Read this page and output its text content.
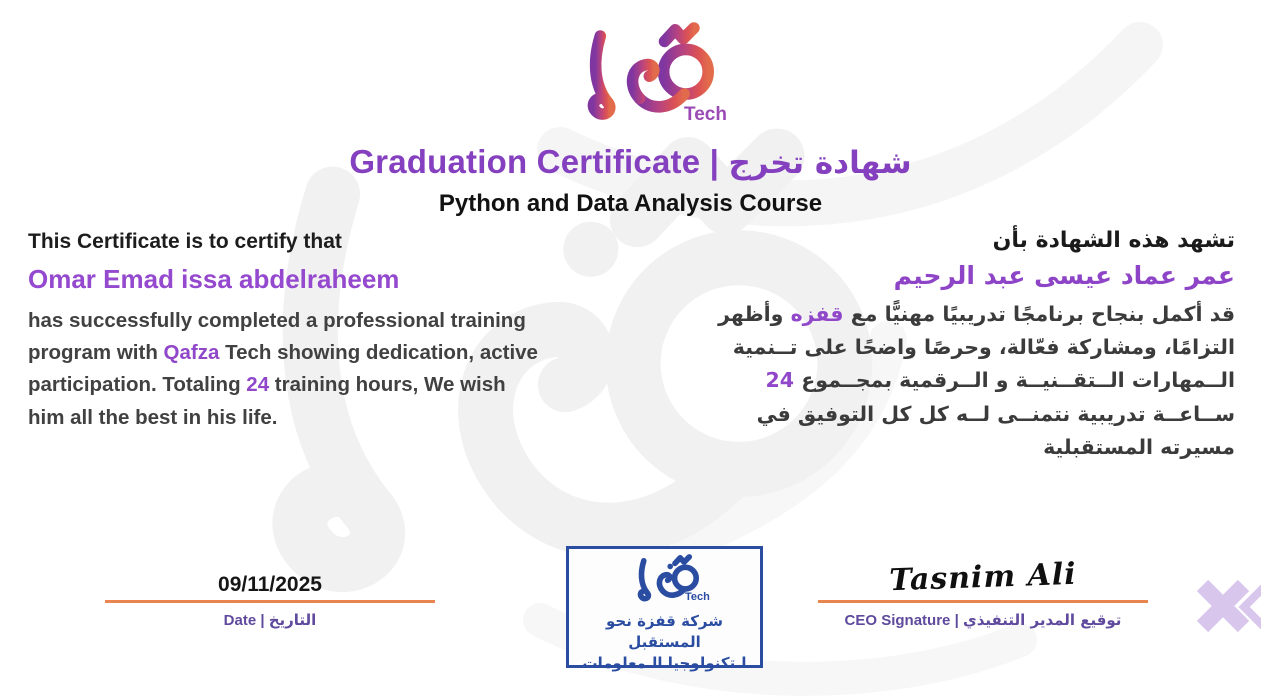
Tech
Graduation Certificate | شهادة تخرج
Python and Data Analysis Course
This Certificate is to certify that
Omar Emad issa abdelraheem

has successfully completed a professional training program with Qafza Tech showing dedication, active participation. Totaling 24 training hours, We wish him all the best in his life.

تشهد هذه الشهادة بأن
عمر عماد عيسى عبد الرحيم

قد أكمل بنجاح برنامجًا تدريبيًا مهنيًّا مع قفزه وأظهر التزامًا، ومشاركة فعّالة، وحرصًا واضحًا على تــنمية الــمهارات الــتقــنيــة و الــرقمية بمجــموع 24 ســاعــة تدريبية نتمنــى لــه كل كل التوفيق في مسيرته المستقبلية

09/11/2025
Date | التاريخ
Tech
شركة قفزة نحو المستقبل
لـتكنولوجيا الـمعلومات
Tasnim Ali
CEO Signature | توقيع المدير التنفيذي
